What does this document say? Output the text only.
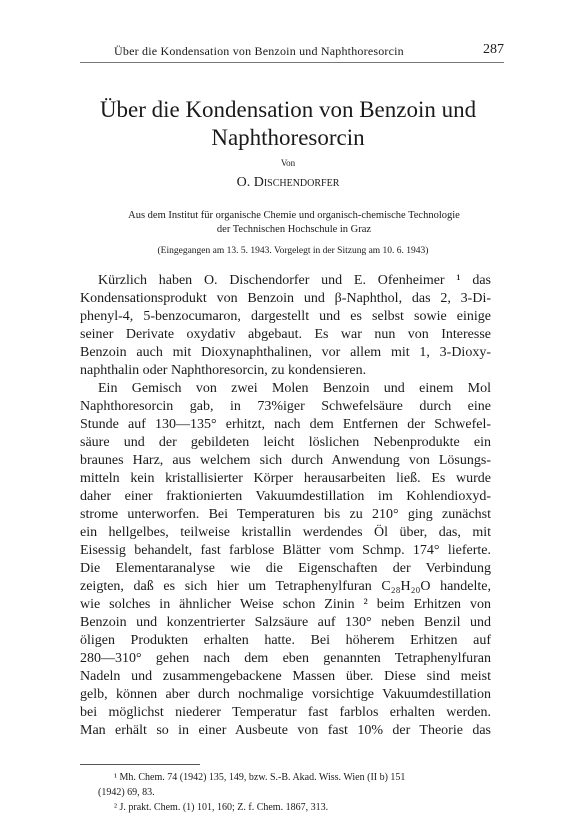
Über die Kondensation von Benzoin und Naphthoresorcin	287
Über die Kondensation von Benzoin und
Naphthoresorcin
Von
O. Dischendorfer
Aus dem Institut für organische Chemie und organisch-chemische Technologie
der Technischen Hochschule in Graz
(Eingegangen am 13. 5. 1943. Vorgelegt in der Sitzung am 10. 6. 1943)
Kürzlich haben O. Dischendorfer und E. Ofenheimer ¹ das
Kondensationsprodukt von Benzoin und β-Naphthol, das 2, 3-Di-
phenyl-4, 5-benzocumaron, dargestellt und es selbst sowie einige
seiner Derivate oxydativ abgebaut. Es war nun von Interesse
Benzoin auch mit Dioxynaphthalinen, vor allem mit 1, 3-Dioxy-
naphthalin oder Naphthoresorcin, zu kondensieren.
Ein Gemisch von zwei Molen Benzoin und einem Mol
Naphthoresorcin gab, in 73%iger Schwefelsäure durch eine
Stunde auf 130—135° erhitzt, nach dem Entfernen der Schwefel-
säure und der gebildeten leicht löslichen Nebenprodukte ein
braunes Harz, aus welchem sich durch Anwendung von Lösungs-
mitteln kein kristallisierter Körper herausarbeiten ließ. Es wurde
daher einer fraktionierten Vakuumdestillation im Kohlendioxyd-
strome unterworfen. Bei Temperaturen bis zu 210° ging zunächst
ein hellgelbes, teilweise kristallin werdendes Öl über, das, mit
Eisessig behandelt, fast farblose Blätter vom Schmp. 174° lieferte.
Die Elementaranalyse wie die Eigenschaften der Verbindung
zeigten, daß es sich hier um Tetraphenylfuran C₂₈H₂₀O handelte,
wie solches in ähnlicher Weise schon Zinin ² beim Erhitzen von
Benzoin und konzentrierter Salzsäure auf 130° neben Benzil und
öligen Produkten erhalten hatte. Bei höherem Erhitzen auf
280—310° gehen nach dem eben genannten Tetraphenylfuran
Nadeln und zusammengebackene Massen über. Diese sind meist
gelb, können aber durch nochmalige vorsichtige Vakuumdestillation
bei möglichst niederer Temperatur fast farblos erhalten werden.
Man erhält so in einer Ausbeute von fast 10% der Theorie das
¹ Mh. Chem. 74 (1942) 135, 149, bzw. S.-B. Akad. Wiss. Wien (II b) 151
(1942) 69, 83.
² J. prakt. Chem. (1) 101, 160; Z. f. Chem. 1867, 313.
